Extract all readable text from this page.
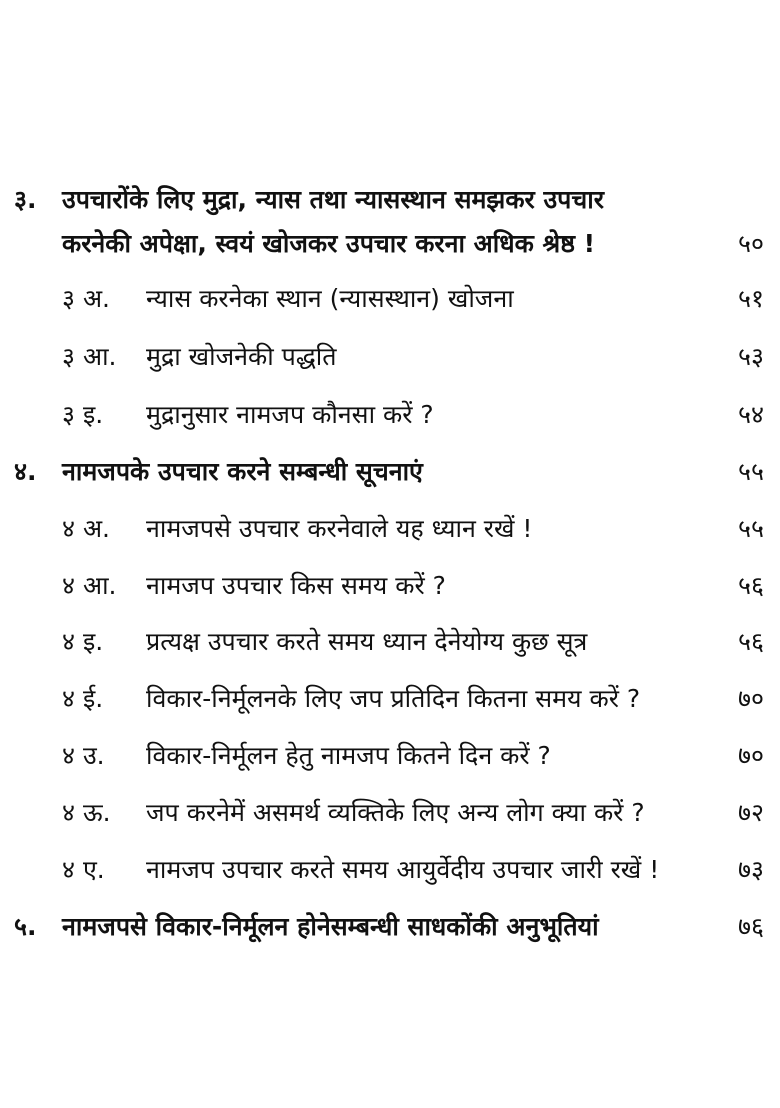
३. उपचारोंके लिए मुद्रा, न्यास तथा न्यासस्थान समझकर उपचार
करनेकी अपेक्षा, स्वयं खोजकर उपचार करना अधिक श्रेष्ठ !	५०
३ अ. न्यास करनेका स्थान (न्यासस्थान) खोजना	५१
३ आ. मुद्रा खोजनेकी पद्धति	५३
३ इ. मुद्रानुसार नामजप कौनसा करें ?	५४
४. नामजपके उपचार करने सम्बन्धी सूचनाएं	५५
४ अ. नामजपसे उपचार करनेवाले यह ध्यान रखें !	५५
४ आ. नामजप उपचार किस समय करें ?	५६
४ इ. प्रत्यक्ष उपचार करते समय ध्यान देनेयोग्य कुछ सूत्र	५६
४ ई. विकार-निर्मूलनके लिए जप प्रतिदिन कितना समय करें ?	७०
४ उ. विकार-निर्मूलन हेतु नामजप कितने दिन करें ?	७०
४ ऊ. जप करनेमें असमर्थ व्यक्तिके लिए अन्य लोग क्या करें ?	७२
४ ए. नामजप उपचार करते समय आयुर्वेदीय उपचार जारी रखें !	७३
५. नामजपसे विकार-निर्मूलन होनेसम्बन्धी साधकोंकी अनुभूतियां	७६
